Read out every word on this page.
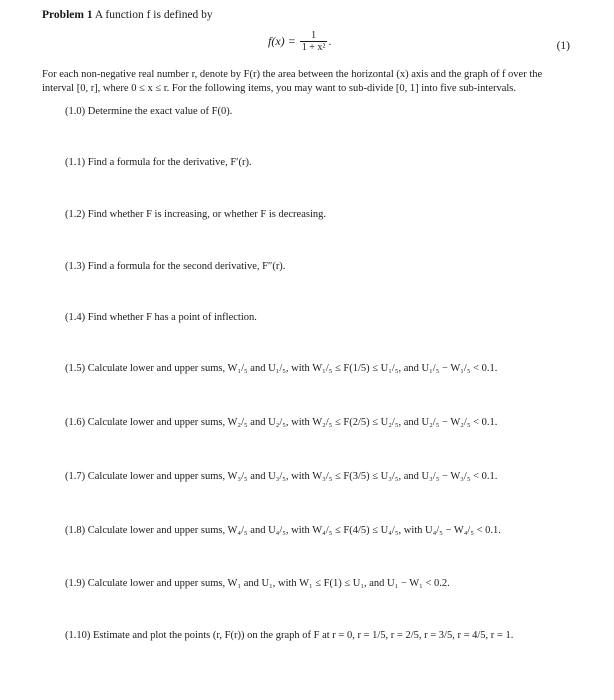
Problem 1 A function f is defined by
$f(x) = \frac{1}{\text{1 + x²}}$ .	(1)
For each non-negative real number r, denote by F(r) the area between the horizontal (x) axis and the graph of f over the interval [0, r], where 0 ≤ x ≤ r. For the following items, you may want to sub-divide [0, 1] into five sub-intervals.
(1.0) Determine the exact value of F(0).
(1.1) Find a formula for the derivative, F′(r).
(1.2) Find whether F is increasing, or whether F is decreasing.
(1.3) Find a formula for the second derivative, F″(r).
(1.4) Find whether F has a point of inflection.
(1.5) Calculate lower and upper sums, W₁/₅ and U₁/₅, with W₁/₅ ≤ F(1/5) ≤ U₁/₅, and U₁/₅ − W₁/₅ < 0.1.
(1.6) Calculate lower and upper sums, W₂/₅ and U₂/₅, with W₂/₅ ≤ F(2/5) ≤ U₂/₅, and U₂/₅ − W₂/₅ < 0.1.
(1.7) Calculate lower and upper sums, W₃/₅ and U₃/₅, with W₃/₅ ≤ F(3/5) ≤ U₃/₅, and U₃/₅ − W₃/₅ < 0.1.
(1.8) Calculate lower and upper sums, W₄/₅ and U₄/₅, with W₄/₅ ≤ F(4/5) ≤ U₄/₅, with U₄/₅ − W₄/₅ < 0.1.
(1.9) Calculate lower and upper sums, W₁ and U₁, with W₁ ≤ F(1) ≤ U₁, and U₁ − W₁ < 0.2.
(1.10) Estimate and plot the points (r, F(r)) on the graph of F at r = 0, r = 1/5, r = 2/5, r = 3/5, r = 4/5, r = 1.
